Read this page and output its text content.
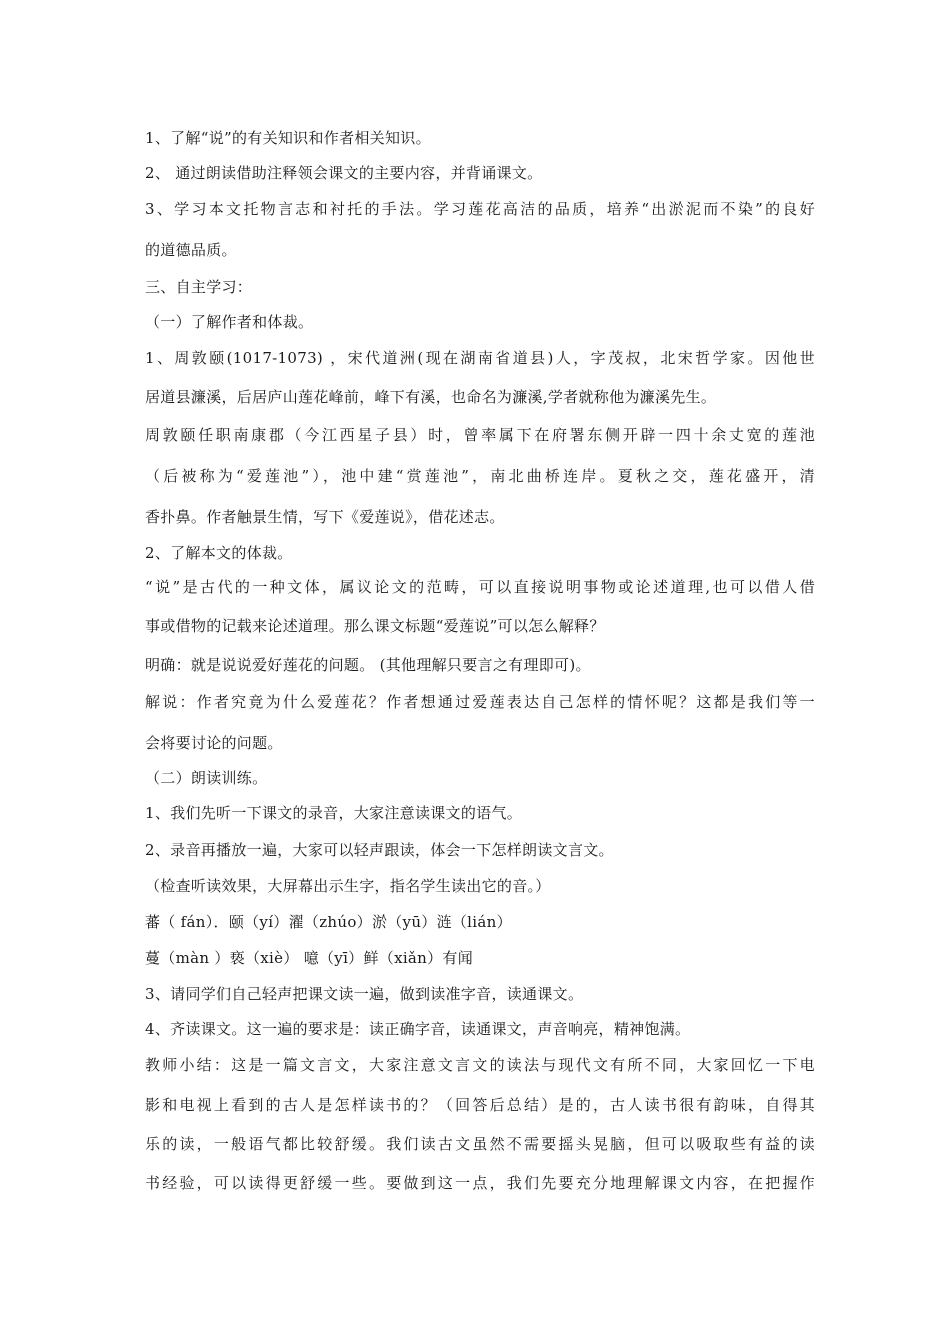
1、了解“说”的有关知识和作者相关知识。
2、 通过朗读借助注释领会课文的主要内容，并背诵课文。
3、学习本文托物言志和衬托的手法。学习莲花高洁的品质，培养“出淤泥而不染”的良好
的道德品质。
三、自主学习：
（一）了解作者和体裁。
1、周敦颐(1017-1073) ，宋代道洲(现在湖南省道县)人，字茂叔，北宋哲学家。因他世
居道县濂溪，后居庐山莲花峰前，峰下有溪，也命名为濂溪,学者就称他为濂溪先生。
周敦颐任职南康郡（今江西星子县）时，曾率属下在府署东侧开辟一四十余丈宽的莲池
（后被称为“爱莲池”），池中建“赏莲池”，南北曲桥连岸。夏秋之交，莲花盛开，清
香扑鼻。作者触景生情，写下《爱莲说》，借花述志。
2、了解本文的体裁。
“说”是古代的一种文体，属议论文的范畴，可以直接说明事物或论述道理,也可以借人借
事或借物的记载来论述道理。那么课文标题“爱莲说”可以怎么解释？
明确：就是说说爱好莲花的问题。 (其他理解只要言之有理即可)。
解说：作者究竟为什么爱莲花？作者想通过爱莲表达自己怎样的情怀呢？这都是我们等一
会将要讨论的问题。
（二）朗读训练。
1、我们先听一下课文的录音，大家注意读课文的语气。
2、录音再播放一遍，大家可以轻声跟读，体会一下怎样朗读文言文。
（检查听读效果，大屏幕出示生字，指名学生读出它的音。）
蕃（ fán）．颐（yí）濯（zhúo）淤（yū）涟（lián）
蔓（màn ）亵（xiè） 噫（yī）鲜（xiǎn）有闻
3、请同学们自己轻声把课文读一遍，做到读准字音，读通课文。
4、齐读课文。这一遍的要求是：读正确字音，读通课文，声音响亮，精神饱满。
教师小结：这是一篇文言文，大家注意文言文的读法与现代文有所不同，大家回忆一下电
影和电视上看到的古人是怎样读书的？（回答后总结）是的，古人读书很有韵味，自得其
乐的读，一般语气都比较舒缓。我们读古文虽然不需要摇头晃脑，但可以吸取些有益的读
书经验，可以读得更舒缓一些。要做到这一点，我们先要充分地理解课文内容，在把握作
